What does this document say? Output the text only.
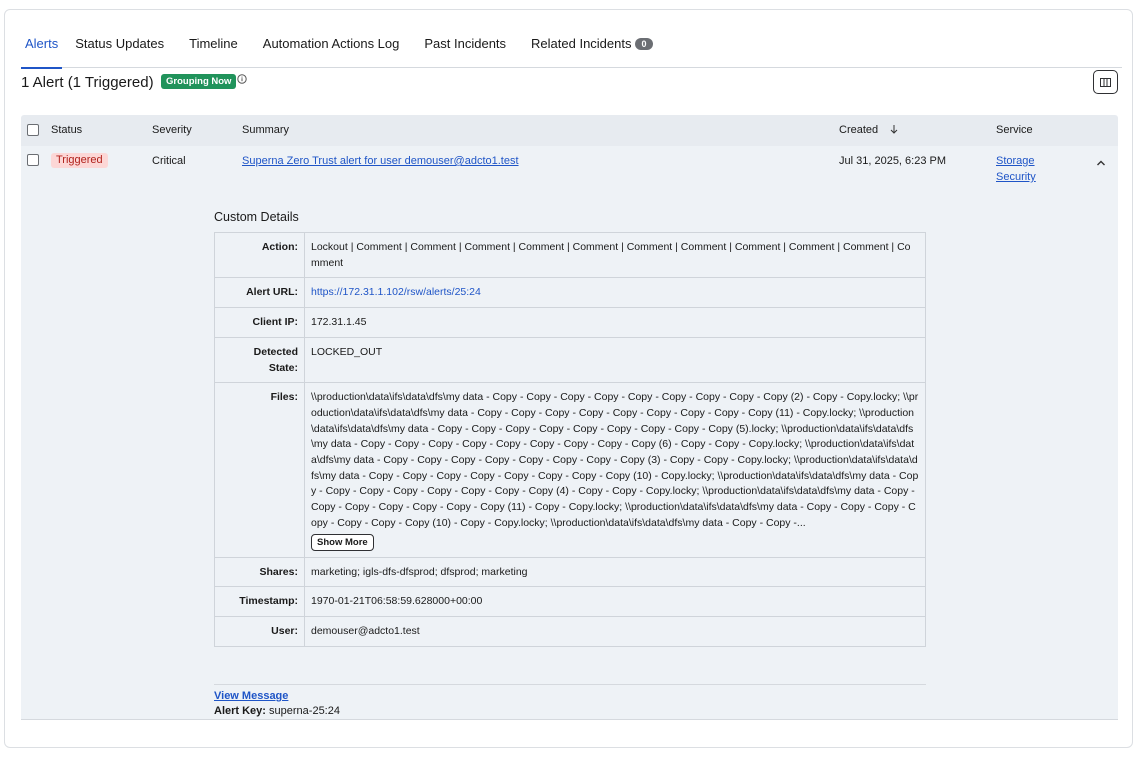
Alerts	Status Updates	Timeline	Automation Actions Log	Past Incidents	Related Incidents 0
1 Alert (1 Triggered)	Grouping Now
Status	Severity	Summary	Created	Service
Triggered	Critical	Superna Zero Trust alert for user demouser@adcto1.test	Jul 31, 2025, 6:23 PM	Storage
Security
Custom Details
Action:	Lockout | Comment | Comment | Comment | Comment | Comment | Comment | Comment | Comment | Comment | Comment | Comment
Alert URL:	https://172.31.1.102/rsw/alerts/25:24
Client IP:	172.31.1.45
Detected State:	LOCKED_OUT
Files:	\\production\data\ifs\data\dfs\my data - Copy - Copy - Copy - Copy - Copy - Copy - Copy - Copy - Copy (2) - Copy - Copy.locky; \\production\data\ifs\data\dfs\my data - Copy - Copy - Copy - Copy - Copy - Copy - Copy - Copy - Copy (11) - Copy.locky; \\production\data\ifs\data\dfs\my data - Copy - Copy - Copy - Copy - Copy - Copy - Copy - Copy - Copy (5).locky; \\production\data\ifs\data\dfs\my data - Copy - Copy - Copy - Copy - Copy - Copy - Copy - Copy - Copy (6) - Copy - Copy - Copy.locky; \\production\data\ifs\data\dfs\my data - Copy - Copy - Copy - Copy - Copy - Copy - Copy - Copy (3) - Copy - Copy - Copy.locky; \\production\data\ifs\data\dfs\my data - Copy - Copy - Copy - Copy - Copy - Copy - Copy - Copy (10) - Copy.locky; \\production\data\ifs\data\dfs\my data - Copy - Copy - Copy - Copy - Copy - Copy - Copy - Copy (4) - Copy - Copy - Copy.locky; \\production\data\ifs\data\dfs\my data - Copy - Copy - Copy - Copy - Copy - Copy - Copy (11) - Copy - Copy.locky; \\production\data\ifs\data\dfs\my data - Copy - Copy - Copy - Copy - Copy - Copy - Copy (10) - Copy - Copy.locky; \\production\data\ifs\data\dfs\my data - Copy - Copy -...
Show More
Shares:	marketing; igls-dfs-dfsprod; dfsprod; marketing
Timestamp:	1970-01-21T06:58:59.628000+00:00
User:	demouser@adcto1.test
View Message
Alert Key: superna-25:24
